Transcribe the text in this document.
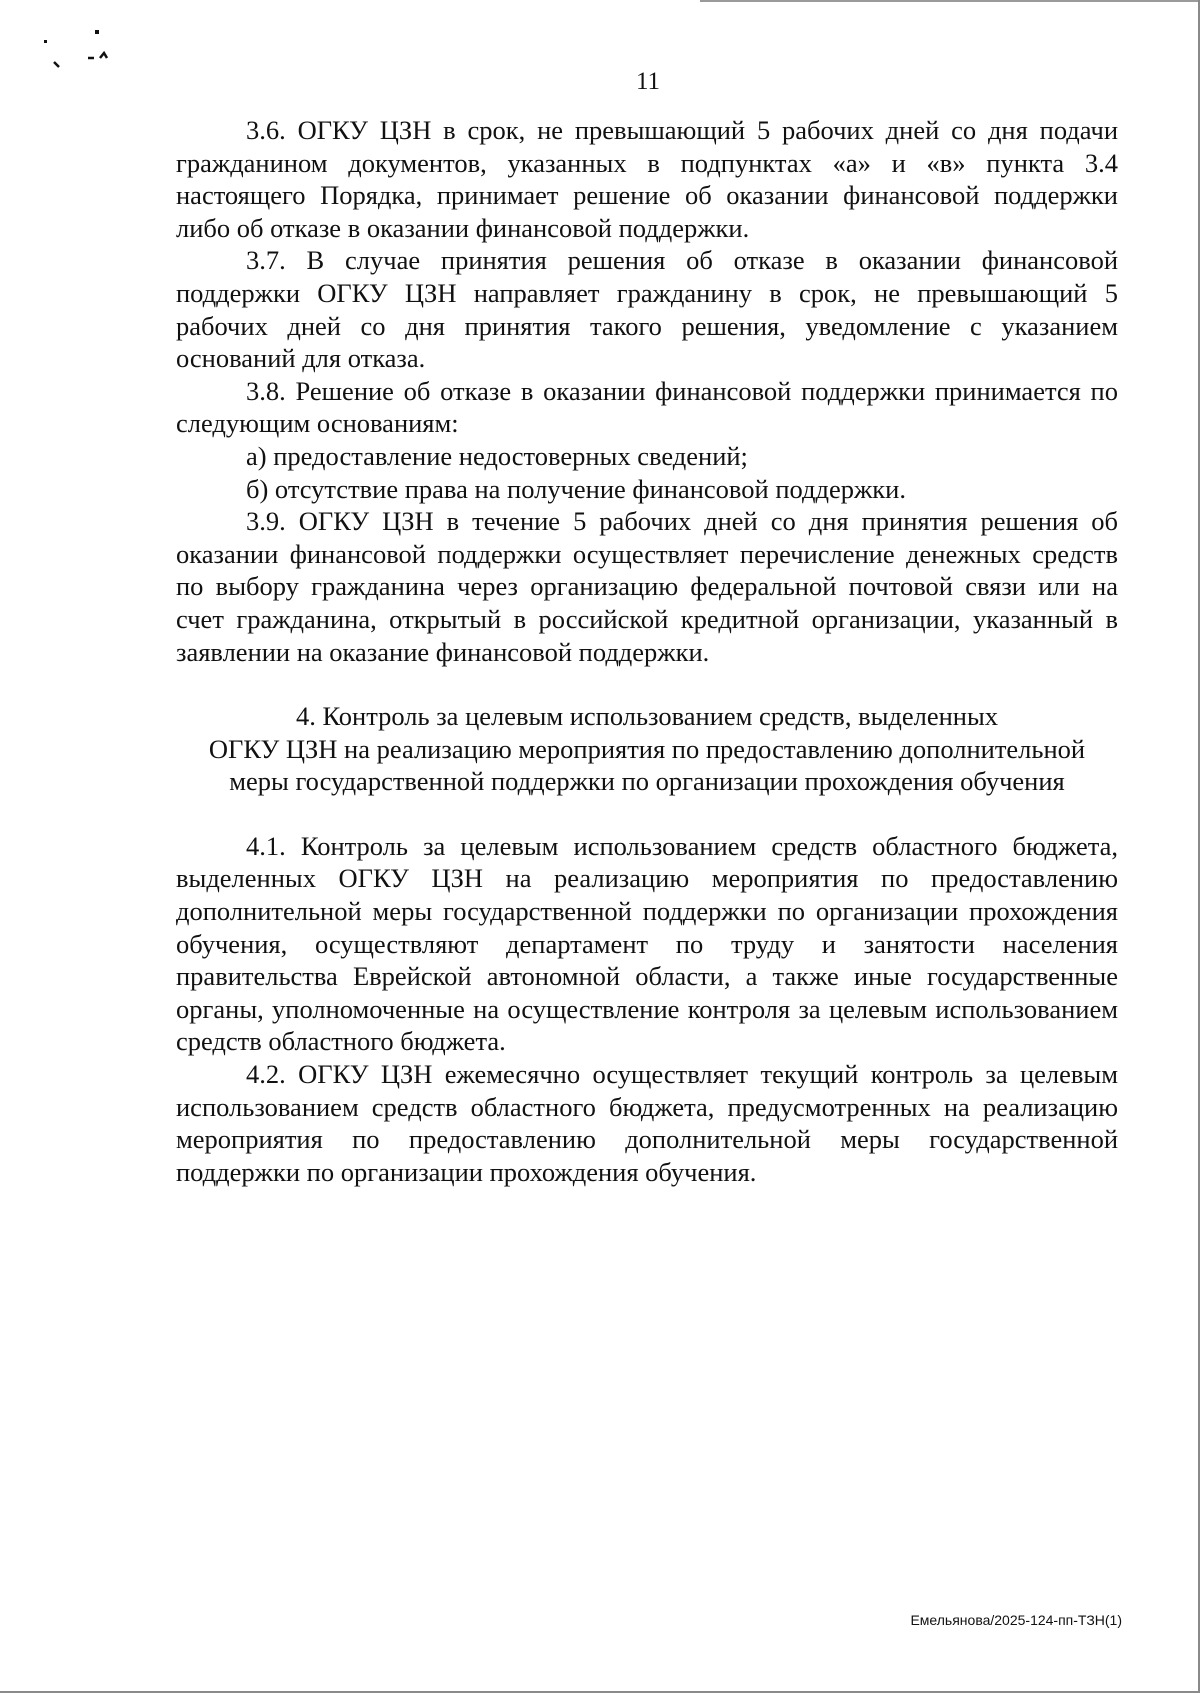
11

3.6. ОГКУ ЦЗН в срок, не превышающий 5 рабочих дней со дня подачи гражданином документов, указанных в подпунктах «а» и «в» пункта 3.4 настоящего Порядка, принимает решение об оказании финансовой поддержки либо об отказе в оказании финансовой поддержки.

3.7. В случае принятия решения об отказе в оказании финансовой поддержки ОГКУ ЦЗН направляет гражданину в срок, не превышающий 5 рабочих дней со дня принятия такого решения, уведомление с указанием оснований для отказа.

3.8. Решение об отказе в оказании финансовой поддержки принимается по следующим основаниям:

а) предоставление недостоверных сведений;

б) отсутствие права на получение финансовой поддержки.

3.9. ОГКУ ЦЗН в течение 5 рабочих дней со дня принятия решения об оказании финансовой поддержки осуществляет перечисление денежных средств по выбору гражданина через организацию федеральной почтовой связи или на счет гражданина, открытый в российской кредитной организации, указанный в заявлении на оказание финансовой поддержки.

4. Контроль за целевым использованием средств, выделенных
ОГКУ ЦЗН на реализацию мероприятия по предоставлению дополнительной
меры государственной поддержки по организации прохождения обучения

4.1. Контроль за целевым использованием средств областного бюджета, выделенных ОГКУ ЦЗН на реализацию мероприятия по предоставлению дополнительной меры государственной поддержки по организации прохождения обучения, осуществляют департамент по труду и занятости населения правительства Еврейской автономной области, а также иные государственные органы, уполномоченные на осуществление контроля за целевым использованием средств областного бюджета.

4.2. ОГКУ ЦЗН ежемесячно осуществляет текущий контроль за целевым использованием средств областного бюджета, предусмотренных на реализацию мероприятия по предоставлению дополнительной меры государственной поддержки по организации прохождения обучения.

Емельянова/2025-124-пп-ТЗН(1)
